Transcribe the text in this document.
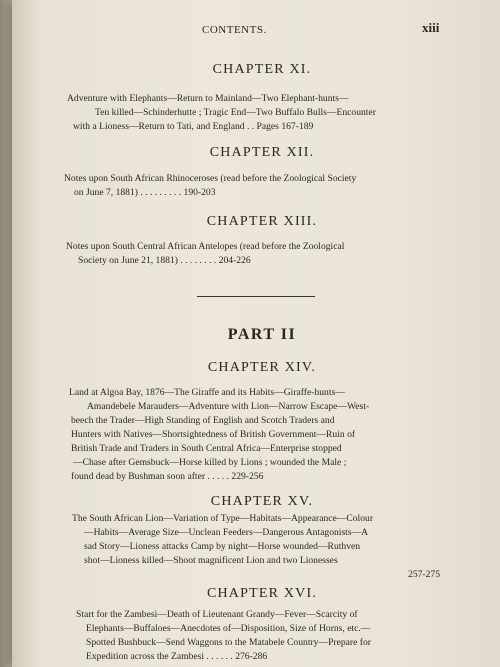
CONTENTS.	xiii
CHAPTER XI.
Adventure with Elephants—Return to Mainland—Two Elephant-hunts—
Ten killed—Schinderhutte ; Tragic End—Two Buffalo Bulls—Encounter
with a Lioness—Return to Tati, and England . . Pages 167-189
CHAPTER XII.
Notes upon South African Rhinoceroses (read before the Zoological Society
on June 7, 1881) . . . . . . . . . 190-203
CHAPTER XIII.
Notes upon South Central African Antelopes (read before the Zoological
Society on June 21, 1881) . . . . . . . . 204-226
PART II
CHAPTER XIV.
Land at Algoa Bay, 1876—The Giraffe and its Habits—Giraffe-hunts—
Amandebele Marauders—Adventure with Lion—Narrow Escape—West-
beech the Trader—High Standing of English and Scotch Traders and
Hunters with Natives—Shortsightedness of British Government—Ruin of
British Trade and Traders in South Central Africa—Enterprise stopped
—Chase after Gemsbuck—Horse killed by Lions ; wounded the Male ;
found dead by Bushman soon after . . . . . 229-256
CHAPTER XV.
The South African Lion—Variation of Type—Habitats—Appearance—Colour
—Habits—Average Size—Unclean Feeders—Dangerous Antagonists—A
sad Story—Lioness attacks Camp by night—Horse wounded—Ruthven
shot—Lioness killed—Shoot magnificent Lion and two Lionesses
257-275
CHAPTER XVI.
Start for the Zambesi—Death of Lieutenant Grandy—Fever—Scarcity of
Elephants—Buffaloes—Anecdotes of—Disposition, Size of Horns, etc.—
Spotted Bushbuck—Send Waggons to the Matabele Country—Prepare for
Expedition across the Zambesi . . . . . . 276-286
